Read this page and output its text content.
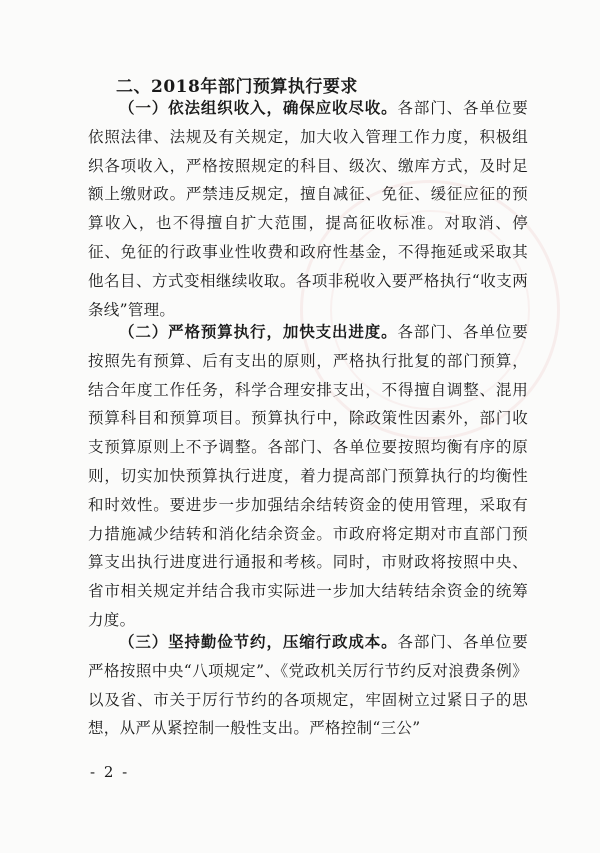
二、2018年部门预算执行要求

（一）依法组织收入，确保应收尽收。各部门、各单位要依照法律、法规及有关规定，加大收入管理工作力度，积极组织各项收入，严格按照规定的科目、级次、缴库方式，及时足额上缴财政。严禁违反规定，擅自减征、免征、缓征应征的预算收入，也不得擅自扩大范围，提高征收标准。对取消、停征、免征的行政事业性收费和政府性基金，不得拖延或采取其他名目、方式变相继续收取。各项非税收入要严格执行“收支两条线”管理。

（二）严格预算执行，加快支出进度。各部门、各单位要按照先有预算、后有支出的原则，严格执行批复的部门预算，结合年度工作任务，科学合理安排支出，不得擅自调整、混用预算科目和预算项目。预算执行中，除政策性因素外，部门收支预算原则上不予调整。各部门、各单位要按照均衡有序的原则，切实加快预算执行进度，着力提高部门预算执行的均衡性和时效性。要进步一步加强结余结转资金的使用管理，采取有力措施减少结转和消化结余资金。市政府将定期对市直部门预算支出执行进度进行通报和考核。同时，市财政将按照中央、省市相关规定并结合我市实际进一步加大结转结余资金的统筹力度。

（三）坚持勤俭节约，压缩行政成本。各部门、各单位要严格按照中央“八项规定”、《党政机关厉行节约反对浪费条例》以及省、市关于厉行节约的各项规定，牢固树立过紧日子的思想，从严从紧控制一般性支出。严格控制“三公”

- 2 -
